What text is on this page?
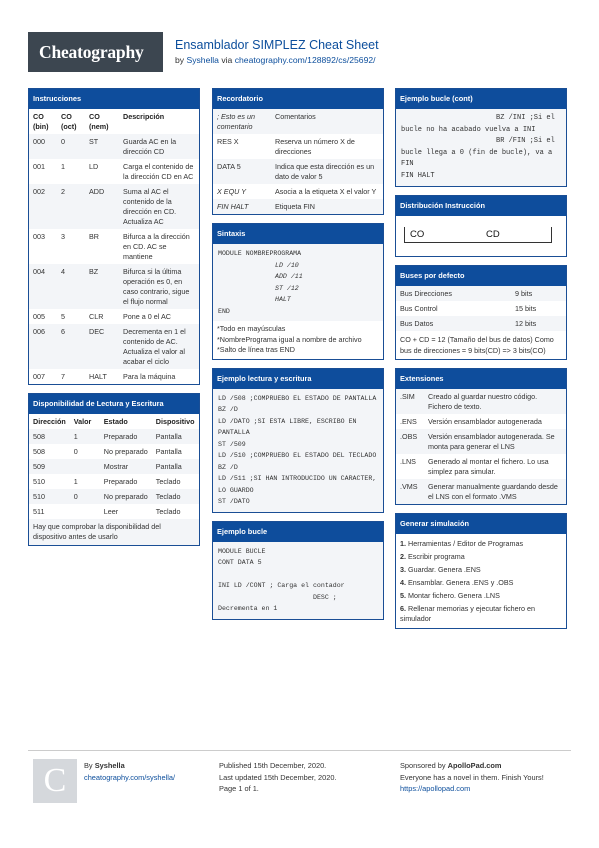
Cheatography	Ensamblador SIMPLEZ Cheat Sheet
by Syshella via cheatography.com/128892/cs/25692/
Instrucciones
CO (bin)	CO (oct)	CO (nem)	Descripción
000	0	ST	Guarda AC en la dirección CD
001	1	LD	Carga el contenido de la dirección CD en AC
002	2	ADD	Suma al AC el contenido de la dirección en CD. Actualiza AC
003	3	BR	Bifurca a la dirección en CD. AC se mantiene
004	4	BZ	Bifurca si la última operación es 0, en caso contrario, sigue el flujo normal
005	5	CLR	Pone a 0 el AC
006	6	DEC	Decrementa en 1 el contenido de AC. Actualiza el valor al acabar el ciclo
007	7	HALT	Para la máquina
Disponibilidad de Lectura y Escritura
Dirección	Valor	Estado	Dispositivo
508	1	Preparado	Pantalla
508	0	No preparado	Pantalla
509		Mostrar	Pantalla
510	1	Preparado	Teclado
510	0	No preparado	Teclado
511		Leer	Teclado
Hay que comprobar la disponibilidad del dispositivo antes de usarlo
Recordatorio
; Esto es un comentario	Comentarios
RES X	Reserva un número X de direcciones
DATA 5	Indica que esta dirección es un dato de valor 5
X EQU Y	Asocia a la etiqueta X el valor Y
FIN HALT	Etiqueta FIN
Sintaxis
MODULE NOMBREPROGRAMA
LD /10
ADD /11
ST /12
HALT
END
*Todo en mayúsculas
*NombrePrograma igual a nombre de archivo
*Salto de línea tras END
Ejemplo lectura y escritura
LD /508 ;COMPRUEBO EL ESTADO DE PANTALLA
BZ /D
LD /DATO ;SI ESTA LIBRE, ESCRIBO EN PANTALLA
ST /509
LD /510 ;COMPRUEBO EL ESTADO DEL TECLADO
BZ /D
LD /511 ;SI HAN INTRODUCIDO UN CARACTER, LO GUARDO
ST /DATO
Ejemplo bucle
MODULE BUCLE
CONT DATA 5
INI LD /CONT ; Carga el contador
DESC ;
Decrementa en 1
Ejemplo bucle (cont)
BZ /INI ;Si el bucle no ha acabado vuelva a INI
BR /FIN ;Si el bucle llega a 0 (fin de bucle), va a FIN
FIN HALT
Distribución Instrucción
CO	CD
Buses por defecto
Bus Direcciones	9 bits
Bus Control	15 bits
Bus Datos	12 bits
CO + CD = 12 (Tamaño del bus de datos) Como bus de direcciones = 9 bits(CD) => 3 bits(CO)
Extensiones
.SIM	Creado al guardar nuestro código. Fichero de texto.
.ENS	Versión ensamblador autogenerada
.OBS	Versión ensamblador autogenerada. Se monta para generar el LNS
.LNS	Generado al montar el fichero. Lo usa simplez para simular.
.VMS	Generar manualmente guardando desde el LNS con el formato .VMS
Generar simulación
1. Herramientas / Editor de Programas
2. Escribir programa
3. Guardar. Genera .ENS
4. Ensamblar. Genera .ENS y .OBS
5. Montar fichero. Genera .LNS
6. Rellenar memorias y ejecutar fichero en simulador
C	By Syshella
cheatography.com/syshella/
Published 15th December, 2020.
Last updated 15th December, 2020.
Page 1 of 1.
Sponsored by ApolloPad.com
Everyone has a novel in them. Finish Yours!
https://apollopad.com
